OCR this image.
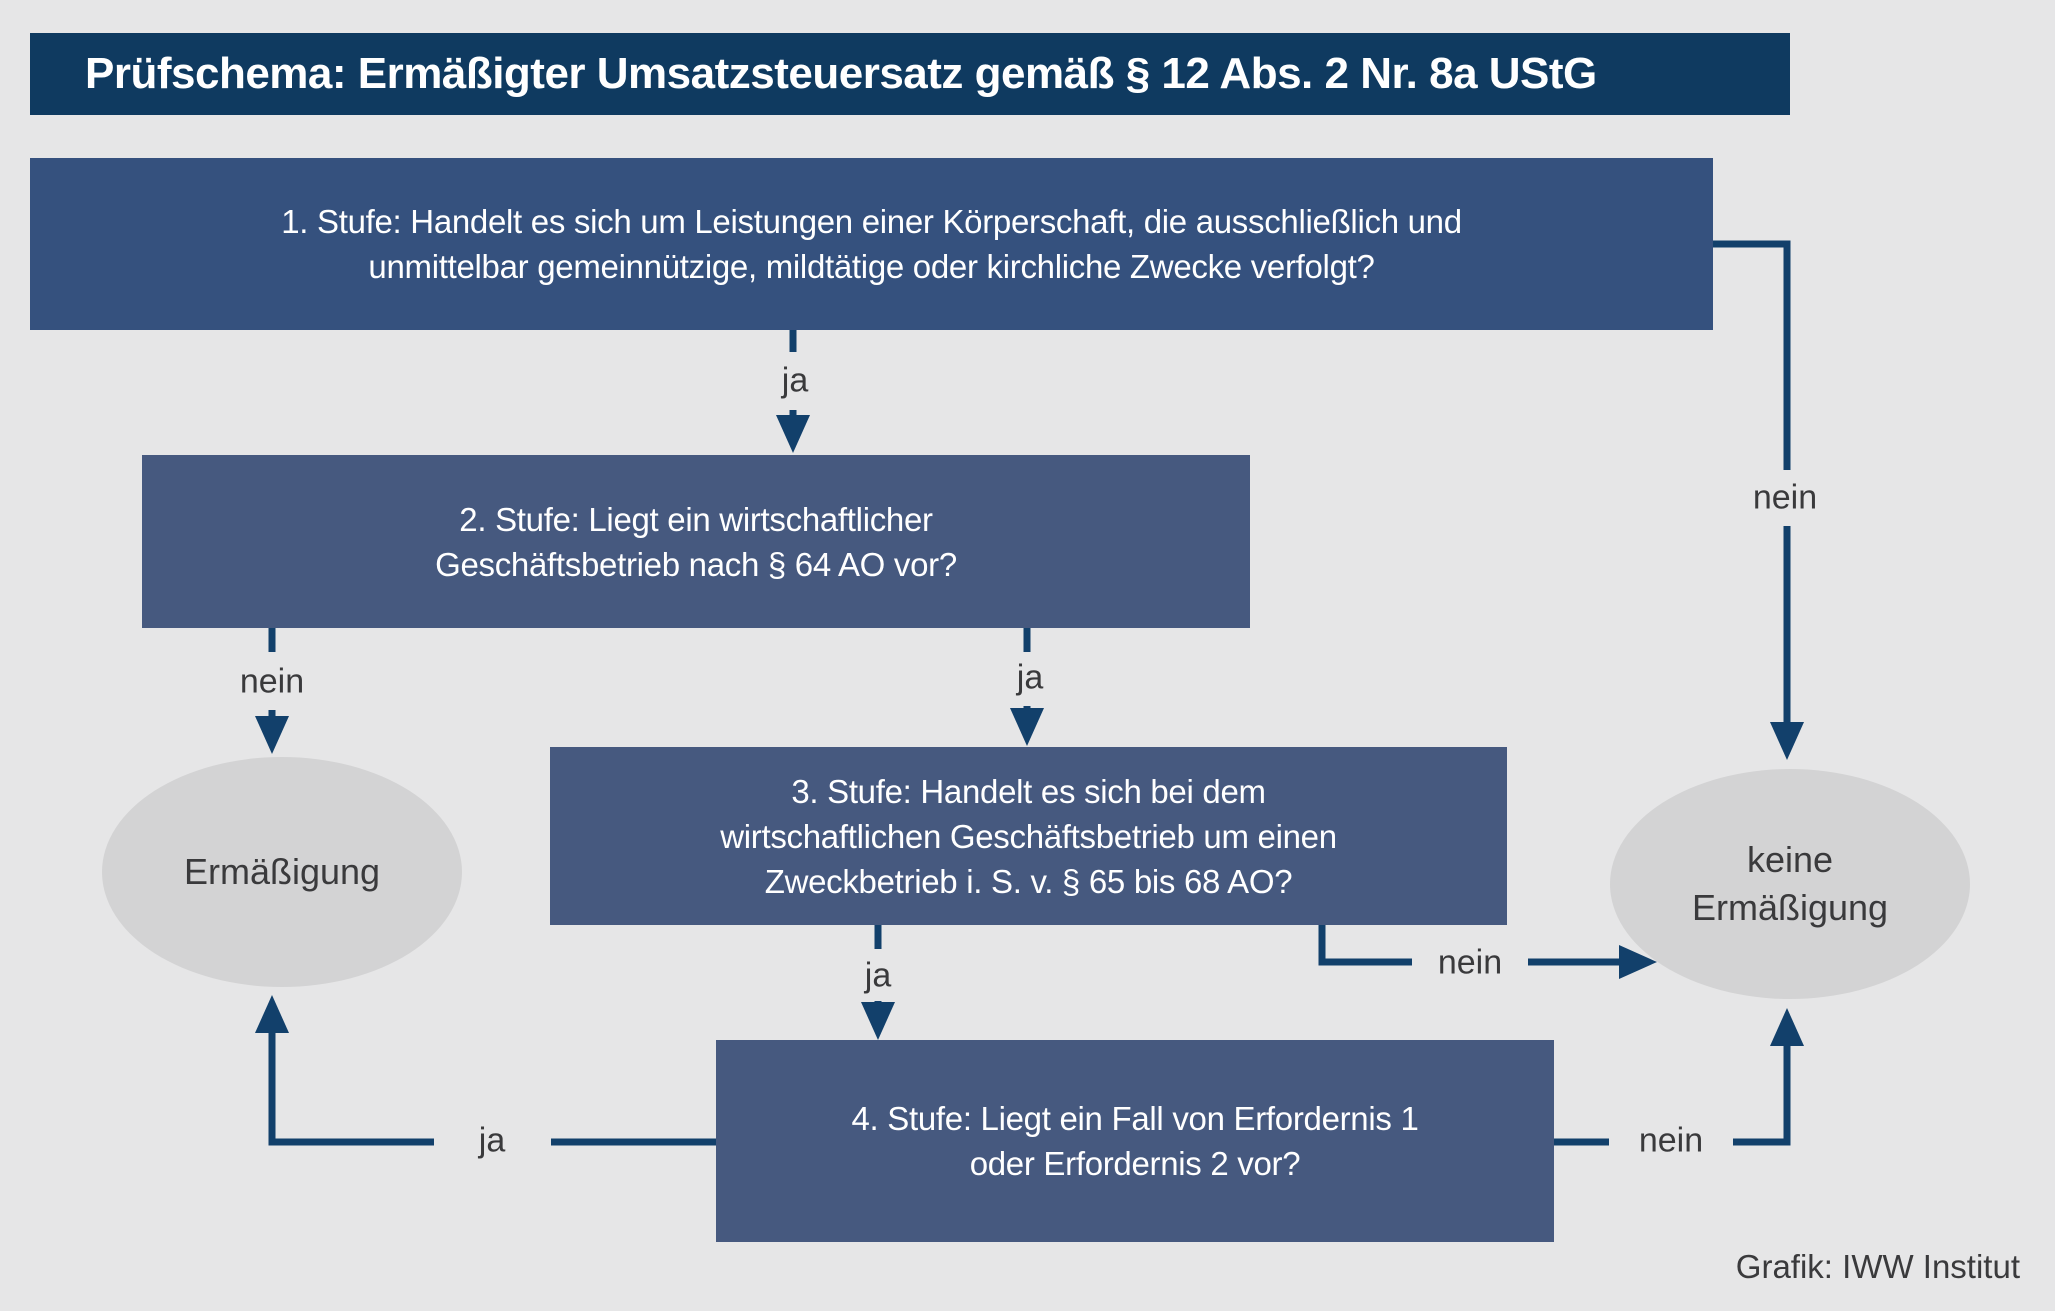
Prüfschema: Ermäßigter Umsatzsteuersatz gemäß § 12 Abs. 2 Nr. 8a UStG
1. Stufe: Handelt es sich um Leistungen einer Körperschaft, die ausschließlich und
unmittelbar gemeinnützige, mildtätige oder kirchliche Zwecke verfolgt?
2. Stufe: Liegt ein wirtschaftlicher
Geschäftsbetrieb nach § 64 AO vor?
3. Stufe: Handelt es sich bei dem
wirtschaftlichen Geschäftsbetrieb um einen
Zweckbetrieb i. S. v. § 65 bis 68 AO?
4. Stufe: Liegt ein Fall von Erfordernis 1
oder Erfordernis 2 vor?
Ermäßigung	keine
Ermäßigung
ja
nein
nein	ja
ja	nein
ja	nein
Grafik: IWW Institut
